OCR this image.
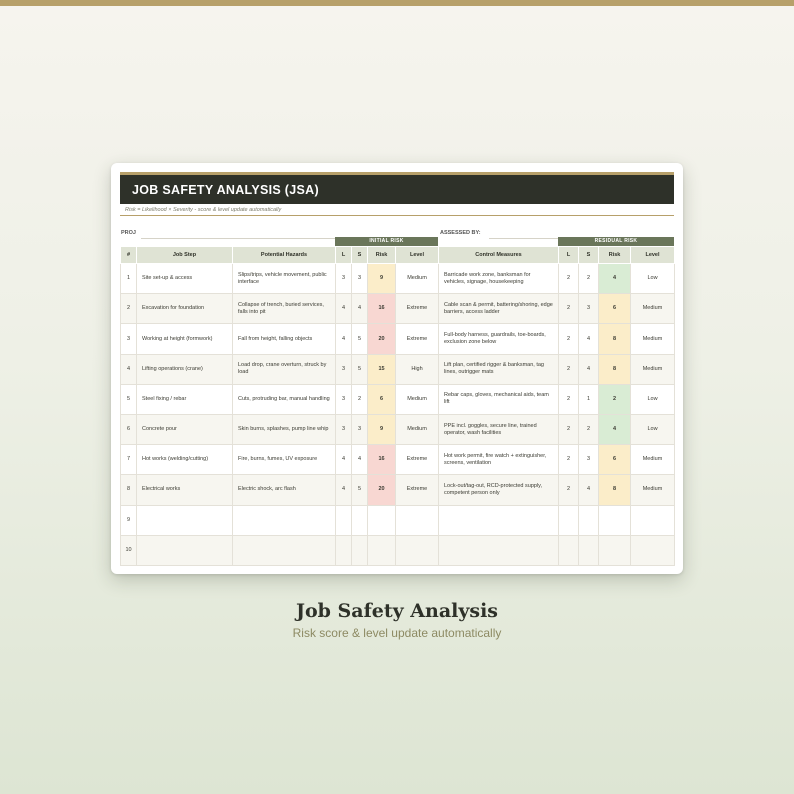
JOB SAFETY ANALYSIS (JSA)
Risk = Likelihood × Severity - score & level update automatically
PROJ	ASSESSED BY:
INITIAL RISK	RESIDUAL RISK
#	Job Step	Potential Hazards	L	S	Risk	Level	Control Measures	L	S	Risk	Level
1	Site set-up & access	Slips/trips, vehicle movement, public interface	3	3	9	Medium	Barricade work zone, banksman for vehicles, signage, housekeeping	2	2	4	Low
2	Excavation for foundation	Collapse of trench, buried services, falls into pit	4	4	16	Extreme	Cable scan & permit, battering/shoring, edge barriers, access ladder	2	3	6	Medium
3	Working at height (formwork)	Fall from height, falling objects	4	5	20	Extreme	Full-body harness, guardrails, toe-boards, exclusion zone below	2	4	8	Medium
4	Lifting operations (crane)	Load drop, crane overturn, struck by load	3	5	15	High	Lift plan, certified rigger & banksman, tag lines, outrigger mats	2	4	8	Medium
5	Steel fixing / rebar	Cuts, protruding bar, manual handling	3	2	6	Medium	Rebar caps, gloves, mechanical aids, team lift	2	1	2	Low
6	Concrete pour	Skin burns, splashes, pump line whip	3	3	9	Medium	PPE incl. goggles, secure line, trained operator, wash facilities	2	2	4	Low
7	Hot works (welding/cutting)	Fire, burns, fumes, UV exposure	4	4	16	Extreme	Hot work permit, fire watch + extinguisher, screens, ventilation	2	3	6	Medium
8	Electrical works	Electric shock, arc flash	4	5	20	Extreme	Lock-out/tag-out, RCD-protected supply, competent person only	2	4	8	Medium
9											
10											
Job Safety Analysis
Risk score & level update automatically
